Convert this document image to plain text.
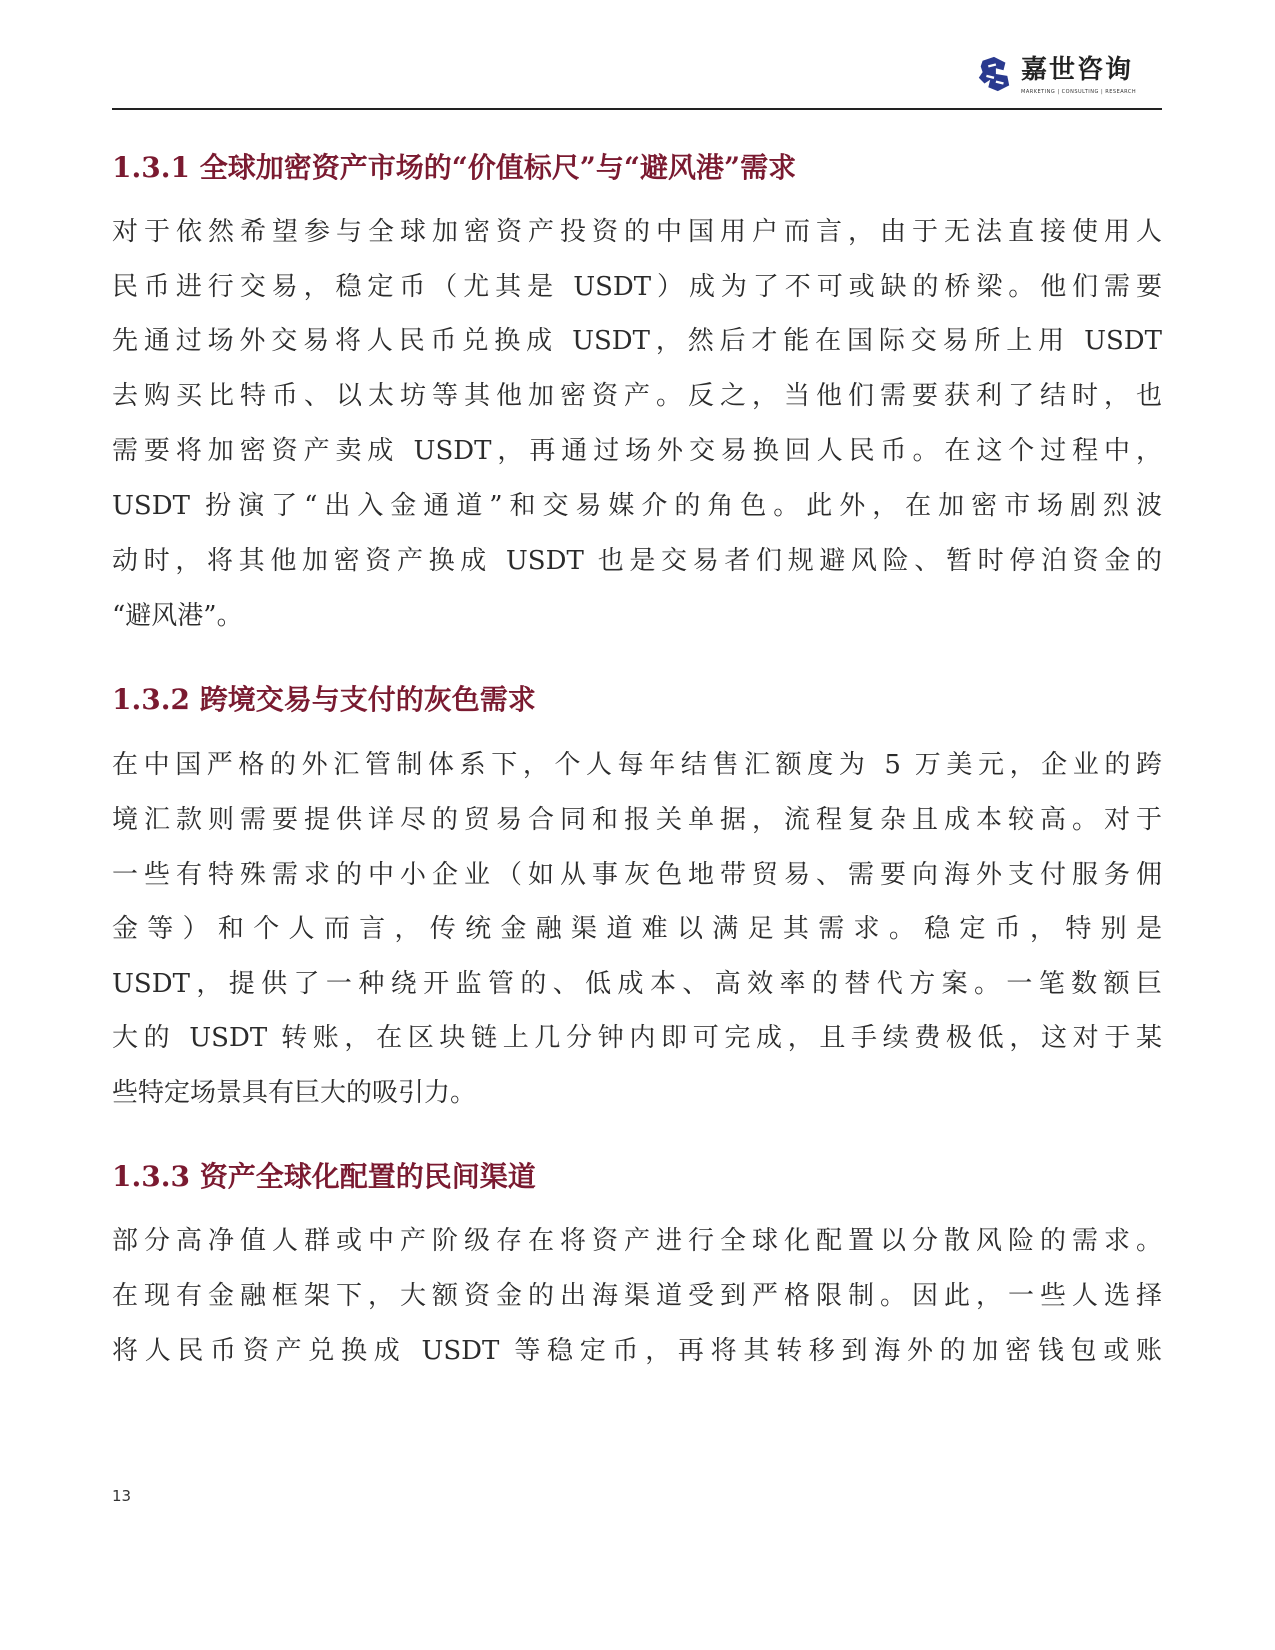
嘉世咨询
MARKETING | CONSULTING | RESEARCH
1.3.1 全球加密资产市场的“价值标尺”与“避风港”需求
对于依然希望参与全球加密资产投资的中国用户而言，由于无法直接使用人
民币进行交易，稳定币（尤其是 USDT）成为了不可或缺的桥梁。他们需要
先通过场外交易将人民币兑换成 USDT，然后才能在国际交易所上用 USDT
去购买比特币、以太坊等其他加密资产。反之，当他们需要获利了结时，也
需要将加密资产卖成 USDT，再通过场外交易换回人民币。在这个过程中，
USDT 扮演了“出入金通道”和交易媒介的角色。此外，在加密市场剧烈波
动时，将其他加密资产换成 USDT 也是交易者们规避风险、暂时停泊资金的
“避风港”。
1.3.2 跨境交易与支付的灰色需求
在中国严格的外汇管制体系下，个人每年结售汇额度为 5 万美元，企业的跨
境汇款则需要提供详尽的贸易合同和报关单据，流程复杂且成本较高。对于
一些有特殊需求的中小企业（如从事灰色地带贸易、需要向海外支付服务佣
金等）和个人而言，传统金融渠道难以满足其需求。稳定币，特别是
USDT，提供了一种绕开监管的、低成本、高效率的替代方案。一笔数额巨
大的 USDT 转账，在区块链上几分钟内即可完成，且手续费极低，这对于某
些特定场景具有巨大的吸引力。
1.3.3 资产全球化配置的民间渠道
部分高净值人群或中产阶级存在将资产进行全球化配置以分散风险的需求。
在现有金融框架下，大额资金的出海渠道受到严格限制。因此，一些人选择
将人民币资产兑换成 USDT 等稳定币，再将其转移到海外的加密钱包或账
13
